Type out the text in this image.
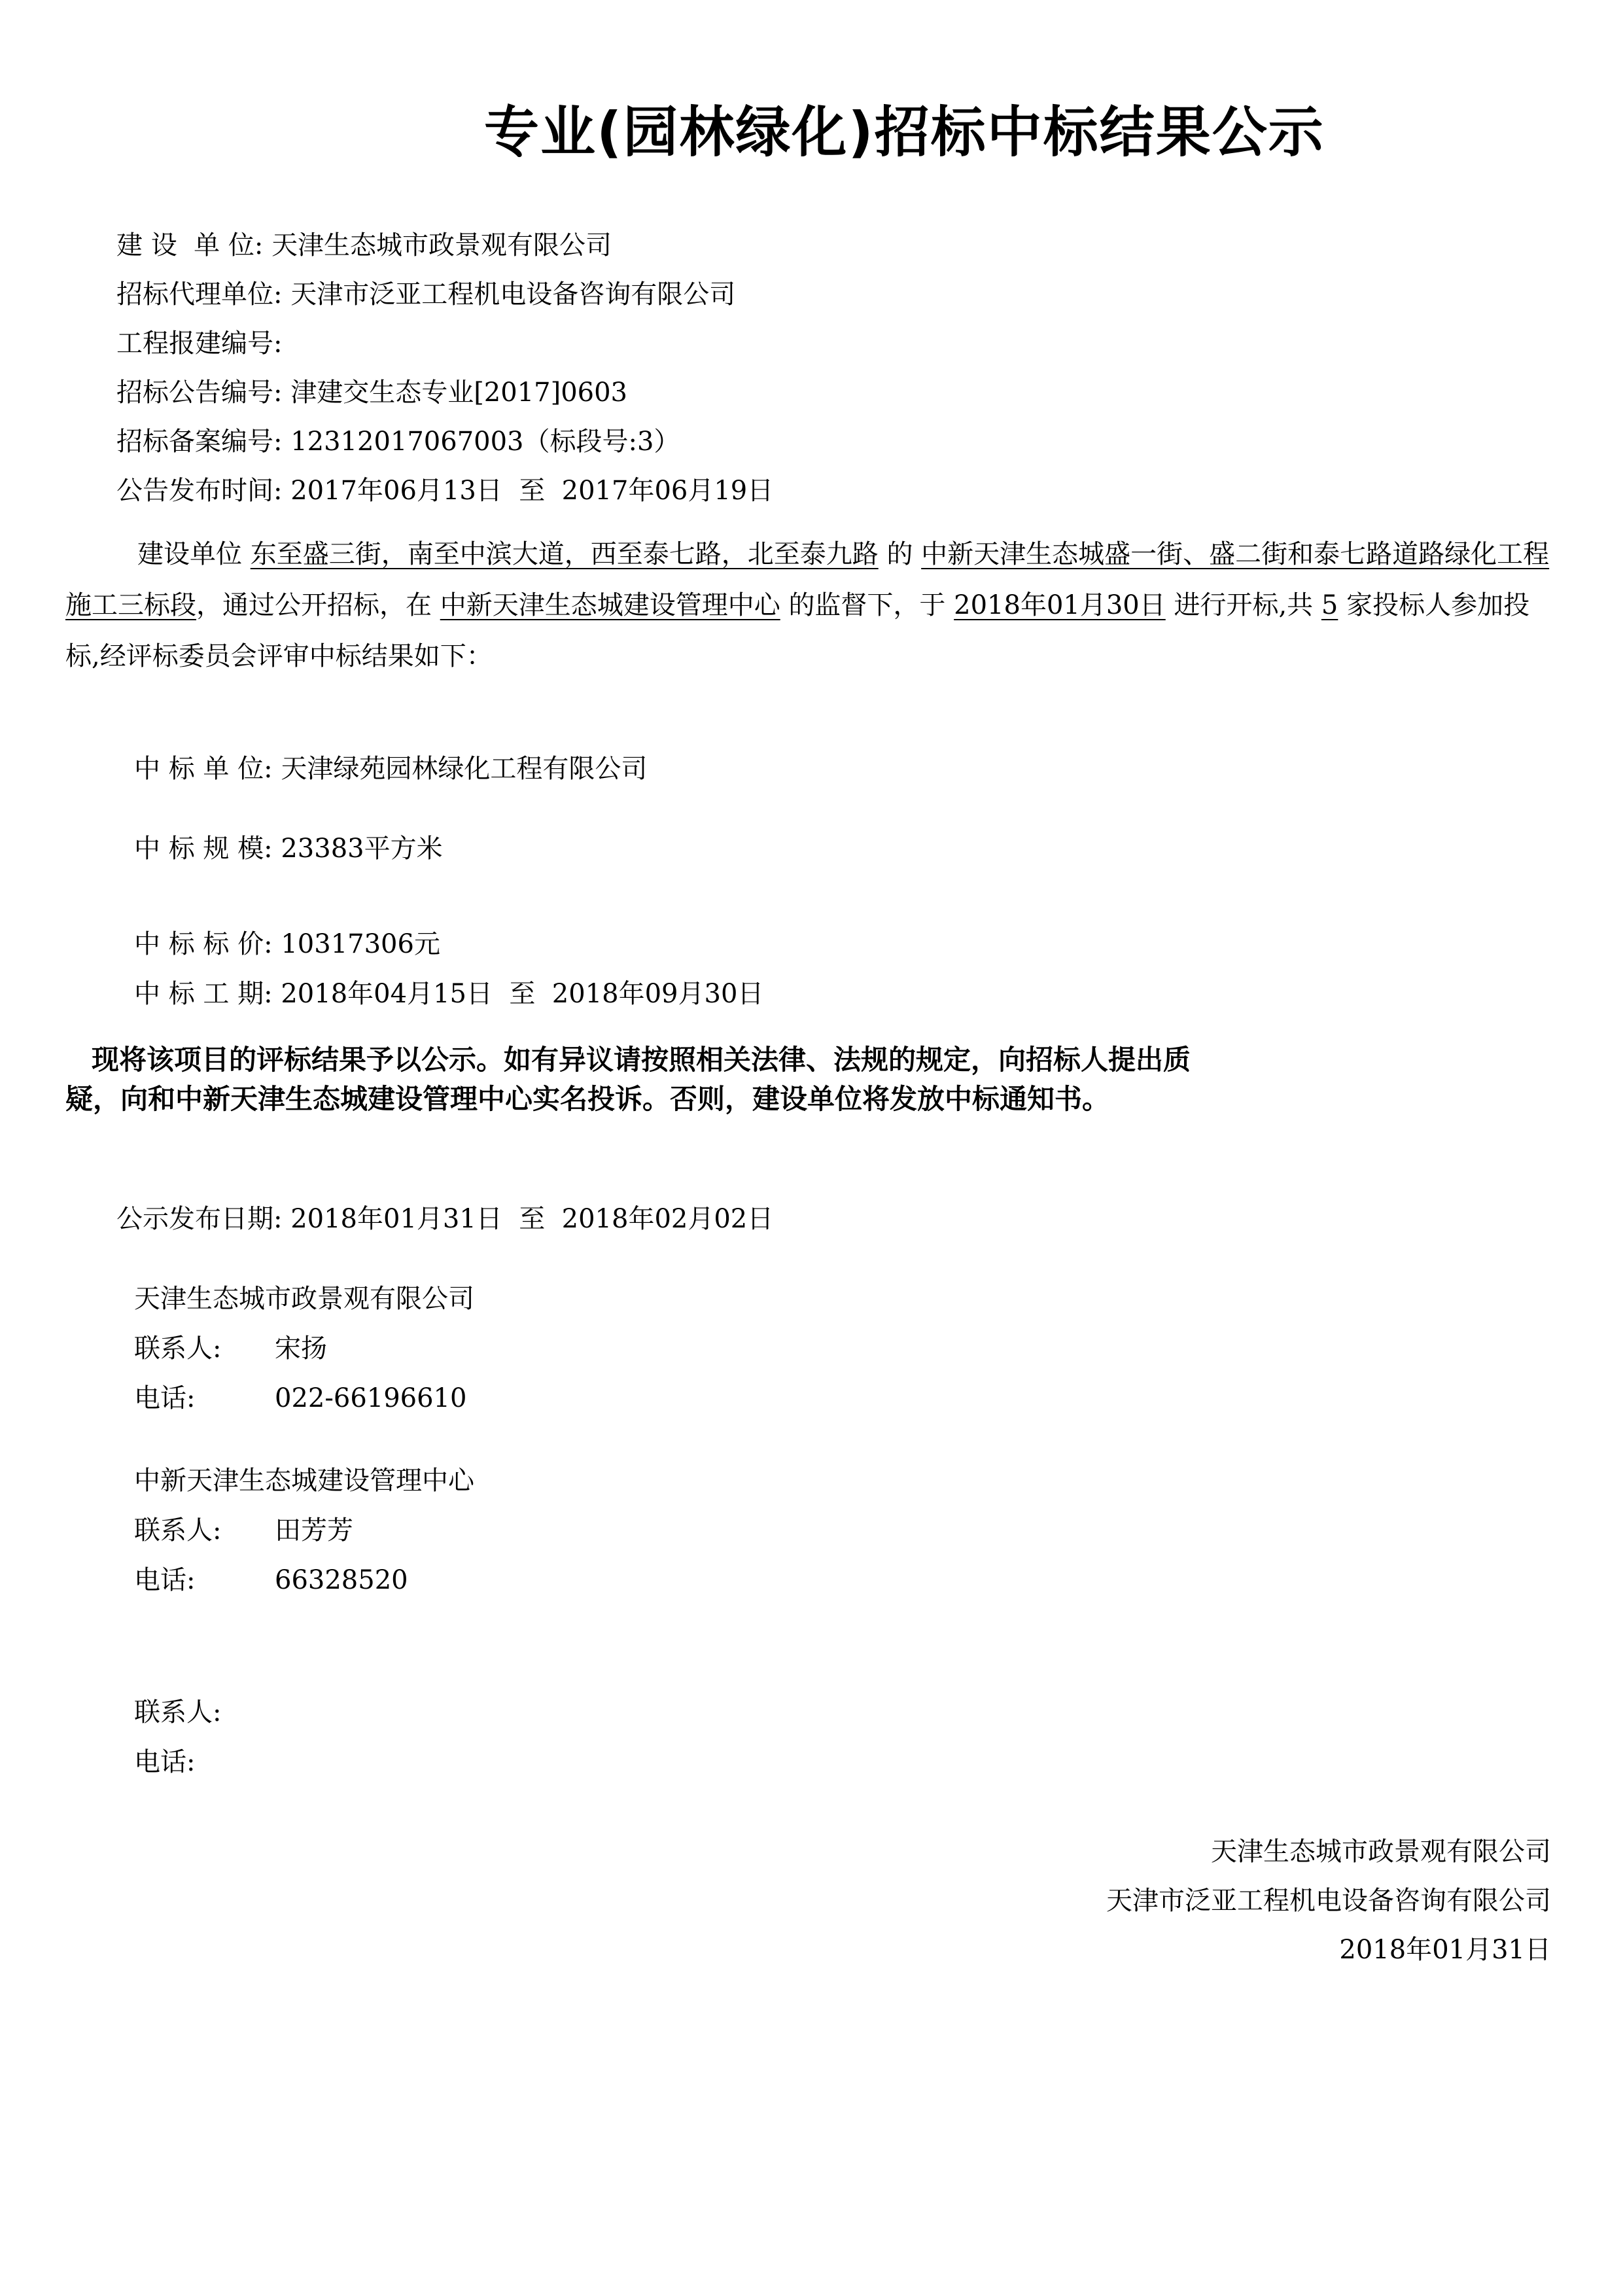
专业(园林绿化)招标中标结果公示
建 设  单 位: 天津生态城市政景观有限公司
招标代理单位: 天津市泛亚工程机电设备咨询有限公司
工程报建编号:
招标公告编号: 津建交生态专业[2017]0603
招标备案编号: 12312017067003（标段号:3）
公告发布时间: 2017年06月13日  至  2017年06月19日
建设单位 东至盛三街，南至中滨大道，西至泰七路，北至泰九路 的 中新天津生态城盛一街、盛二街和泰七路道路绿化工程施工三标段，通过公开招标，在 中新天津生态城建设管理中心 的监督下，于 2018年01月30日 进行开标,共 5 家投标人参加投标,经评标委员会评审中标结果如下：
中 标 单 位: 天津绿苑园林绿化工程有限公司
中 标 规 模: 23383平方米
中 标 标 价: 10317306元
中 标 工 期: 2018年04月15日  至  2018年09月30日
现将该项目的评标结果予以公示。如有异议请按照相关法律、法规的规定，向招标人提出质
疑，向和中新天津生态城建设管理中心实名投诉。否则，建设单位将发放中标通知书。
公示发布日期: 2018年01月31日  至  2018年02月02日
天津生态城市政景观有限公司
联系人: 宋扬
电话:	022-66196610
中新天津生态城建设管理中心
联系人: 田芳芳
电话:	66328520
联系人:
电话:
天津生态城市政景观有限公司
天津市泛亚工程机电设备咨询有限公司
2018年01月31日
